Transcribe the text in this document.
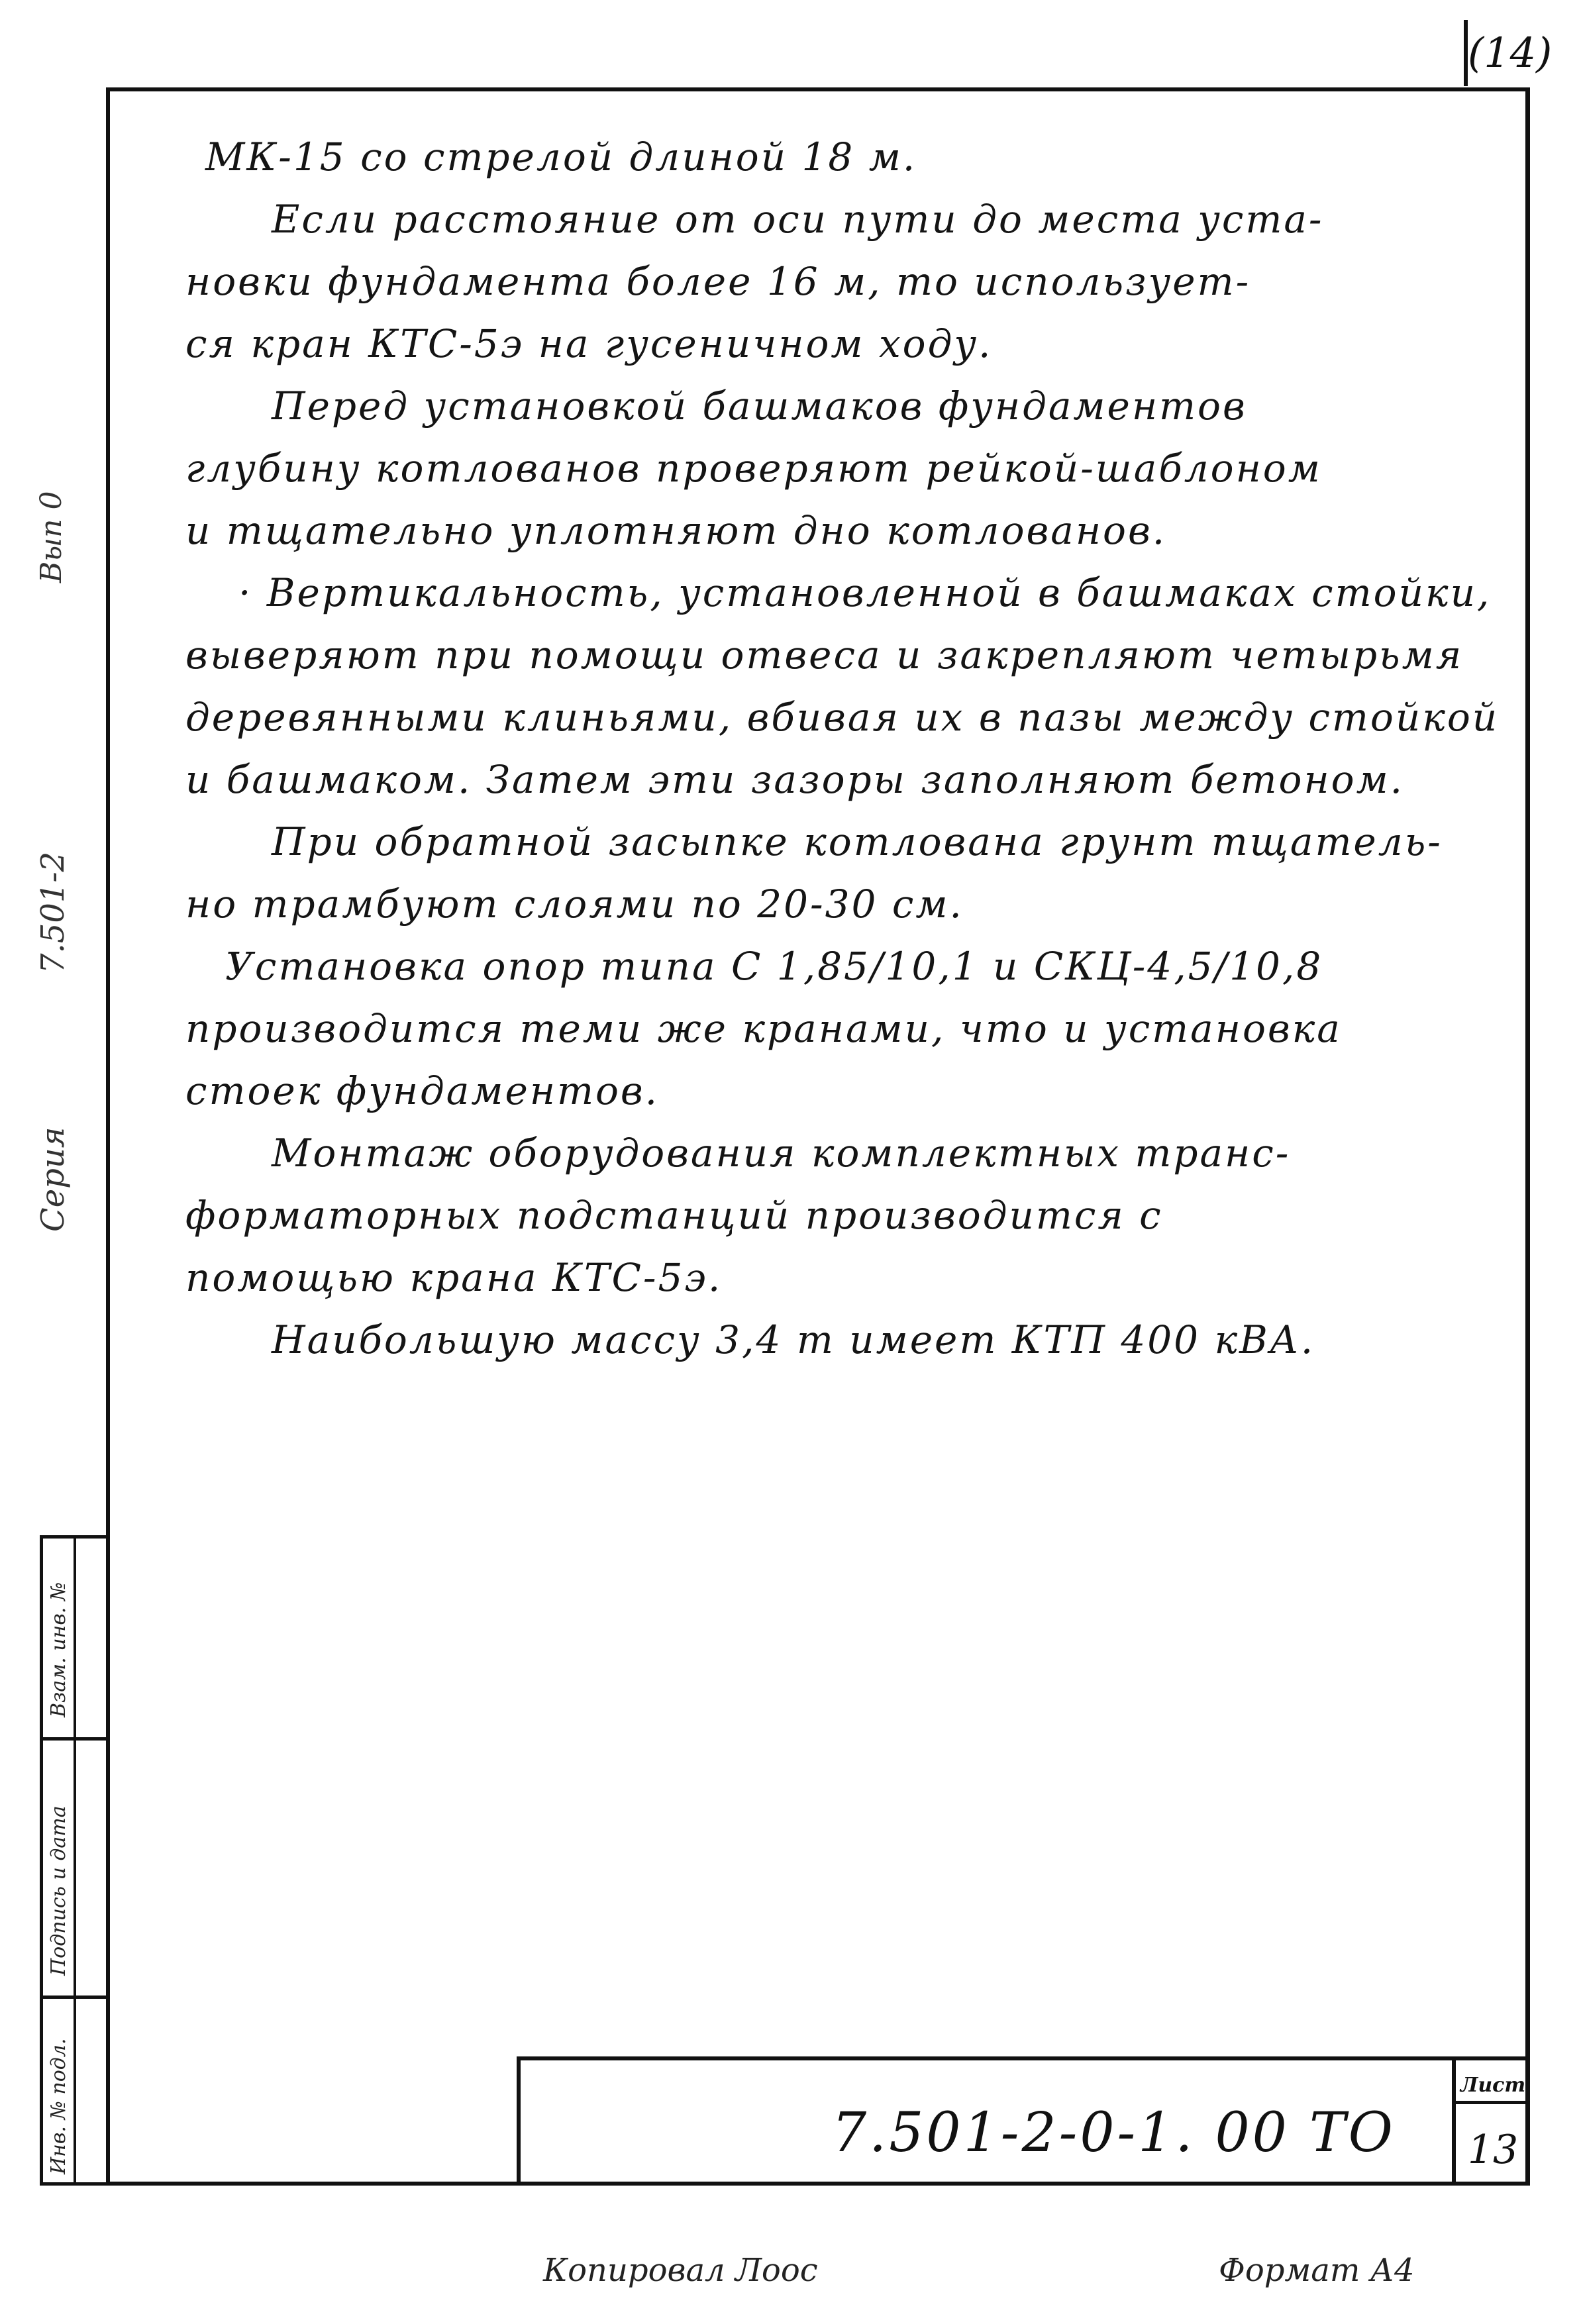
(14)
Вып 0
7.501-2
Серия
Взам. инв. №
Подпись и дата
Инв. № подл.
МК-15 со стрелой длиной 18 м.
Если расстояние от оси пути до места уста-
новки фундамента более 16 м, то использует-
ся кран КТС-5э на гусеничном ходу.
Перед установкой башмаков фундаментов
глубину котлованов проверяют рейкой-шаблоном
и тщательно уплотняют дно котлованов.
· Вертикальность, установленной в башмаках стойки,
выверяют при помощи отвеса и закрепляют четырьмя
деревянными клиньями, вбивая их в пазы между стойкой
и башмаком. Затем эти зазоры заполняют бетоном.
При обратной засыпке котлована грунт тщатель-
но трамбуют слоями по 20-30 см.
Установка опор типа С 1,85/10,1 и СКЦ-4,5/10,8
производится теми же кранами, что и установка
стоек фундаментов.
Монтаж оборудования комплектных транс-
форматорных подстанций производится с
помощью крана КТС-5э.
Наибольшую массу 3,4 т имеет КТП 400 кВА.
7.501-2-0-1. 00 ТО
Лист
13
Копировал Лоос	Формат А4
